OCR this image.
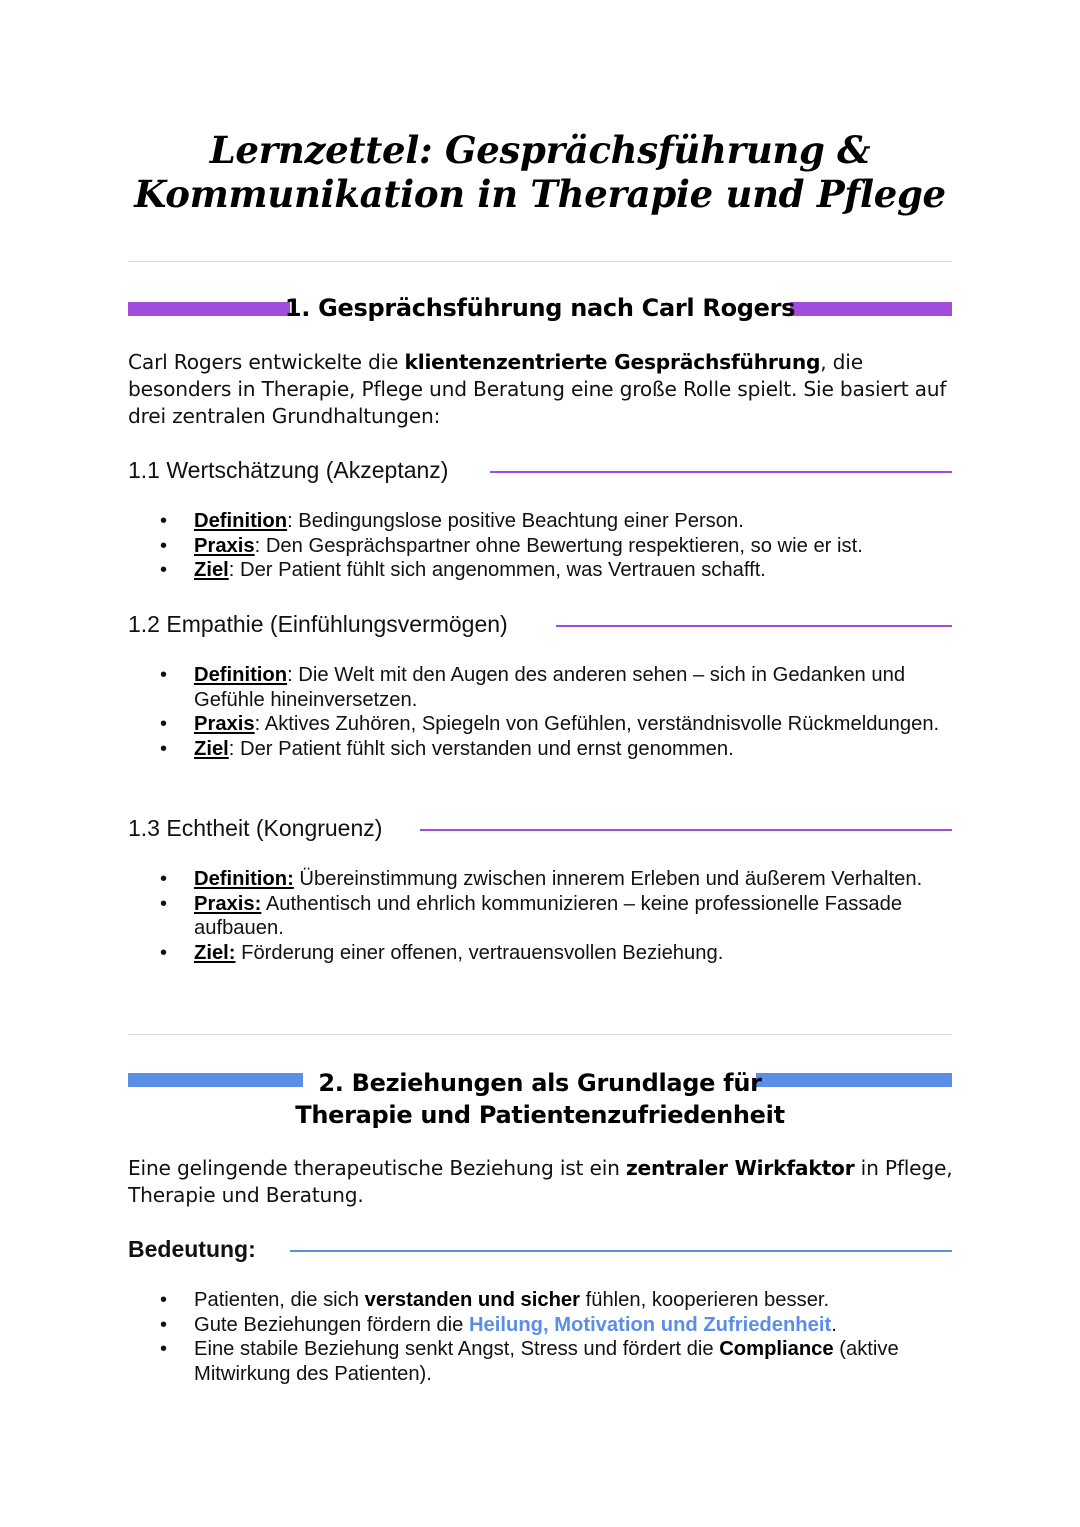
Lernzettel: Gesprächsführung &
Kommunikation in Therapie und Pflege
1. Gesprächsführung nach Carl Rogers
Carl Rogers entwickelte die klientenzentrierte Gesprächsführung, die besonders in Therapie, Pflege und Beratung eine große Rolle spielt. Sie basiert auf drei zentralen Grundhaltungen:
1.1 Wertschätzung (Akzeptanz)
• Definition: Bedingungslose positive Beachtung einer Person.
• Praxis: Den Gesprächspartner ohne Bewertung respektieren, so wie er ist.
• Ziel: Der Patient fühlt sich angenommen, was Vertrauen schafft.
1.2 Empathie (Einfühlungsvermögen)
• Definition: Die Welt mit den Augen des anderen sehen – sich in Gedanken und Gefühle hineinversetzen.
• Praxis: Aktives Zuhören, Spiegeln von Gefühlen, verständnisvolle Rückmeldungen.
• Ziel: Der Patient fühlt sich verstanden und ernst genommen.
1.3 Echtheit (Kongruenz)
• Definition: Übereinstimmung zwischen innerem Erleben und äußerem Verhalten.
• Praxis: Authentisch und ehrlich kommunizieren – keine professionelle Fassade aufbauen.
• Ziel: Förderung einer offenen, vertrauensvollen Beziehung.
2. Beziehungen als Grundlage für
Therapie und Patientenzufriedenheit
Eine gelingende therapeutische Beziehung ist ein zentraler Wirkfaktor in Pflege, Therapie und Beratung.
Bedeutung:
• Patienten, die sich verstanden und sicher fühlen, kooperieren besser.
• Gute Beziehungen fördern die Heilung, Motivation und Zufriedenheit.
• Eine stabile Beziehung senkt Angst, Stress und fördert die Compliance (aktive Mitwirkung des Patienten).
